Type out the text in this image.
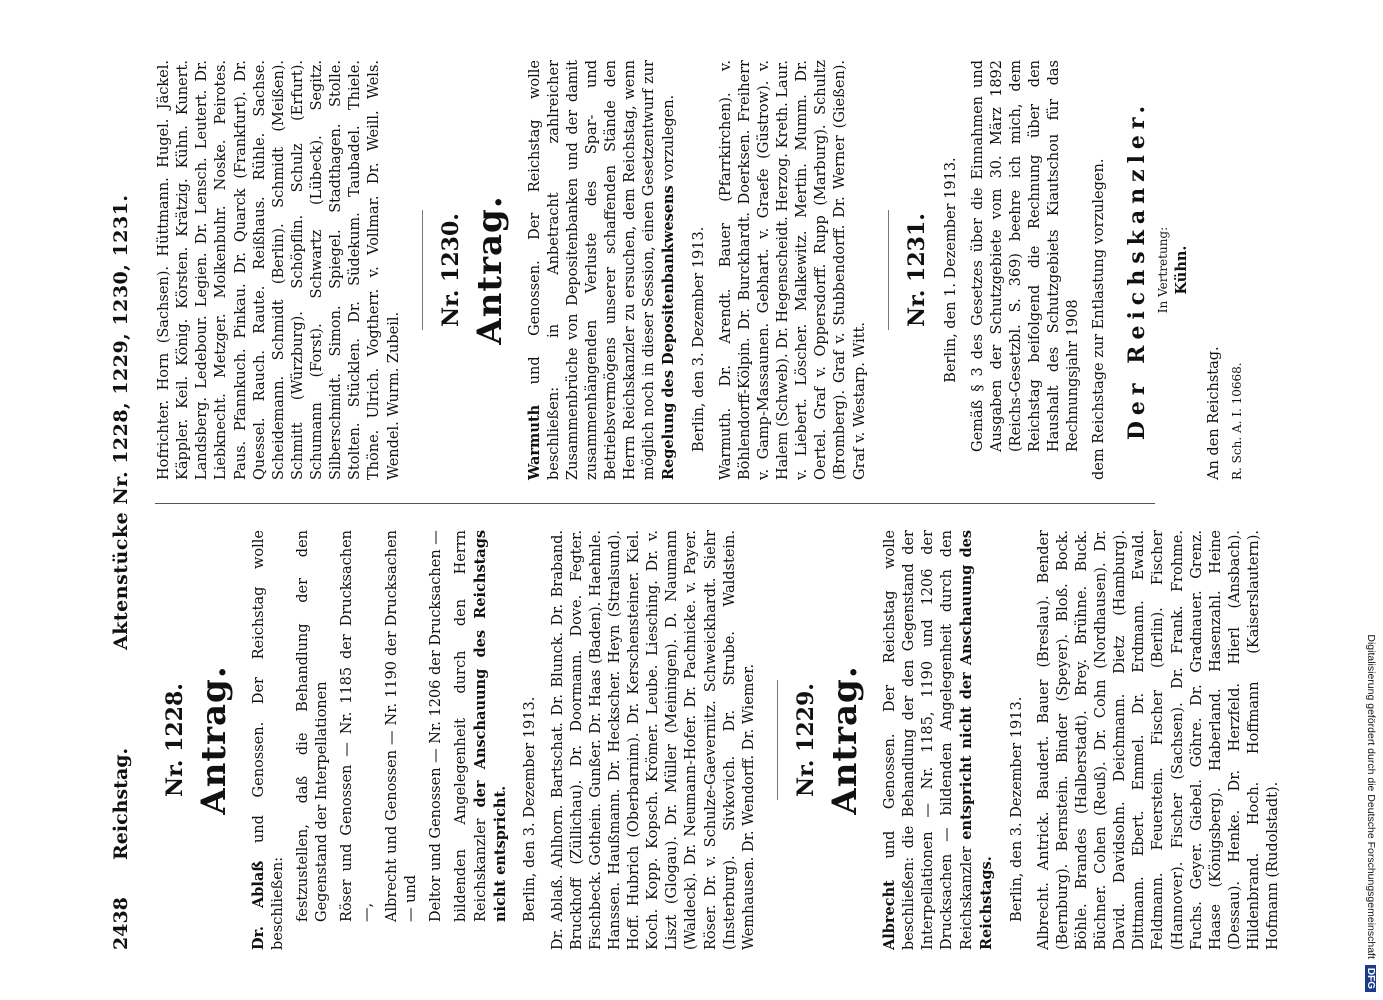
2438
Reichstag.
Aktenstücke Nr. 1228, 1229, 1230, 1231.
Nr. 1228. Antrag.

Dr. Ablaß und Genossen. Der Reichstag wolle beschließen: festzustellen, daß die Behandlung der den Gegenstand der Interpellationen Röser und Genossen — Nr. 1185 der Drucksachen —, Albrecht und Genossen — Nr. 1190 der Drucksachen — und Deltor und Genossen — Nr. 1206 der Drucksachen — bildenden Angelegenheit durch den Herrn Reichskanzler der Anschauung des Reichstags nicht entspricht. Berlin, den 3. Dezember 1913. Dr. Ablaß. Ahlhorn. Bartschat. Dr. Blunck. Dr. Braband. Bruckhoff (Züllichau). Dr. Doormann. Dove. Fegter. Fischbeck. Gothein. Gunßer. Dr. Haas (Baden). Haehnle. Hanssen. Haußmann. Dr. Heckscher. Heyn (Stralsund). Hoff. Hubrich (Oberbarnim). Dr. Kerschensteiner. Kiel. Koch. Kopp. Kopsch. Krömer. Leube. Liesching. Dr. v. Liszt (Glogau). Dr. Müller (Meiningen). D. Naumann (Waldeck). Dr. Neumann-Hofer. Dr. Pachnicke. v. Payer. Röser. Dr. v. Schulze-Gaevernitz. Schweickhardt. Siehr (Insterburg). Sivkovich. Dr. Strube. Waldstein. Wemhausen. Dr. Wendorff. Dr. Wiemer. Nr. 1229. Antrag.

Albrecht und Genossen. Der Reichstag wolle beschließen: die Behandlung der den Gegenstand der Interpellationen — Nr. 1185, 1190 und 1206 der Drucksachen — bildenden Angelegenheit durch den Reichskanzler entspricht nicht der Anschauung des Reichstags. Berlin, den 3. Dezember 1913. Albrecht. Antrick. Baudert. Bauer (Breslau). Bender (Bernburg). Bernstein. Binder (Speyer). Bloß. Bock. Böhle. Brandes (Halberstadt). Brey. Brühne. Buck. Büchner. Cohen (Reuß). Dr. Cohn (Nordhausen). Dr. David. Davidsohn. Deichmann. Dietz (Hamburg). Dittmann. Ebert. Emmel. Dr. Erdmann. Ewald. Feldmann. Feuerstein. Fischer (Berlin). Fischer (Hannover). Fischer (Sachsen). Dr. Frank. Frohme. Fuchs. Geyer. Giebel. Göhre. Dr. Gradnauer. Grenz. Haase (Königsberg). Haberland. Hasenzahl. Heine (Dessau). Henke. Dr. Herzfeld. Hierl (Ansbach). Hildenbrand. Hoch. Hoffmann (Kaiserslautern). Hofmann (Rudolstadt).

Hofrichter. Horn (Sachsen). Hüttmann. Hugel. Jäckel. Käppler. Keil. König. Körsten. Krätzig. Kühn. Kunert. Landsberg. Ledebour. Legien. Dr. Lensch. Leutert. Dr. Liebknecht. Metzger. Molkenbuhr. Noske. Peirotes. Paus. Pfannkuch. Pinkau. Dr. Quarck (Frankfurt). Dr. Quessel. Rauch. Raute. Reißhaus. Rühle. Sachse. Scheidemann. Schmidt (Berlin). Schmidt (Meißen). Schmitt (Würzburg). Schöpflin. Schulz (Erfurt). Schumann (Forst). Schwartz (Lübeck). Segitz. Silberschmidt. Simon. Spiegel. Stadthagen. Stolle. Stolten. Stücklen. Dr. Südekum. Taubadel. Thiele. Thöne. Ulrich. Vogtherr. v. Vollmar. Dr. Weill. Wels. Wendel. Wurm. Zubeil.

Nr. 1230. Antrag.

Warmuth und Genossen. Der Reichstag wolle beschließen: in Anbetracht zahlreicher Zusammenbrüche von Depositenbanken und der damit zusammenhängenden Verluste des Spar- und Betriebsvermögens unserer schaffenden Stände den Herrn Reichskanzler zu ersuchen, dem Reichstag, wenn möglich noch in dieser Session, einen Gesetzentwurf zur Regelung des Depositenbankwesens vorzulegen.

Berlin, den 3. Dezember 1913. Warmuth. Dr. Arendt. Bauer (Pfarrkirchen). v. Böhlendorff-Kölpin. Dr. Burckhardt. Doerksen. Freiherr v. Gamp-Massaunen. Gebhart. v. Graefe (Güstrow). v. Halem (Schweb). Dr. Hegenscheidt. Herzog. Kreth. Laur. v. Liebert. Löscher. Malkewitz. Mertin. Mumm. Dr. Oertel. Graf v. Oppersdorff. Rupp (Marburg). Schultz (Bromberg). Graf v. Stubbendorff. Dr. Werner (Gießen). Graf v. Westarp. Witt.

Nr. 1231. Berlin, den 1. Dezember 1913. Gemäß § 3 des Gesetzes über die Einnahmen und Ausgaben der Schutzgebiete vom 30. März 1892 (Reichs-Gesetzbl. S. 369) beehre ich mich, dem Reichstag beifolgend die Rechnung über den Haushalt des Schutzgebiets Kiautschou für das Rechnungsjahr 1908 dem Reichstage zur Entlastung vorzulegen. Der Reichskanzler. In Vertretung: Kühn.

An den Reichstag. R. Sch. A. I. 10668.

Digitalisierung gefördert durch die Deutsche Forschungsgemeinschaft
DFG
